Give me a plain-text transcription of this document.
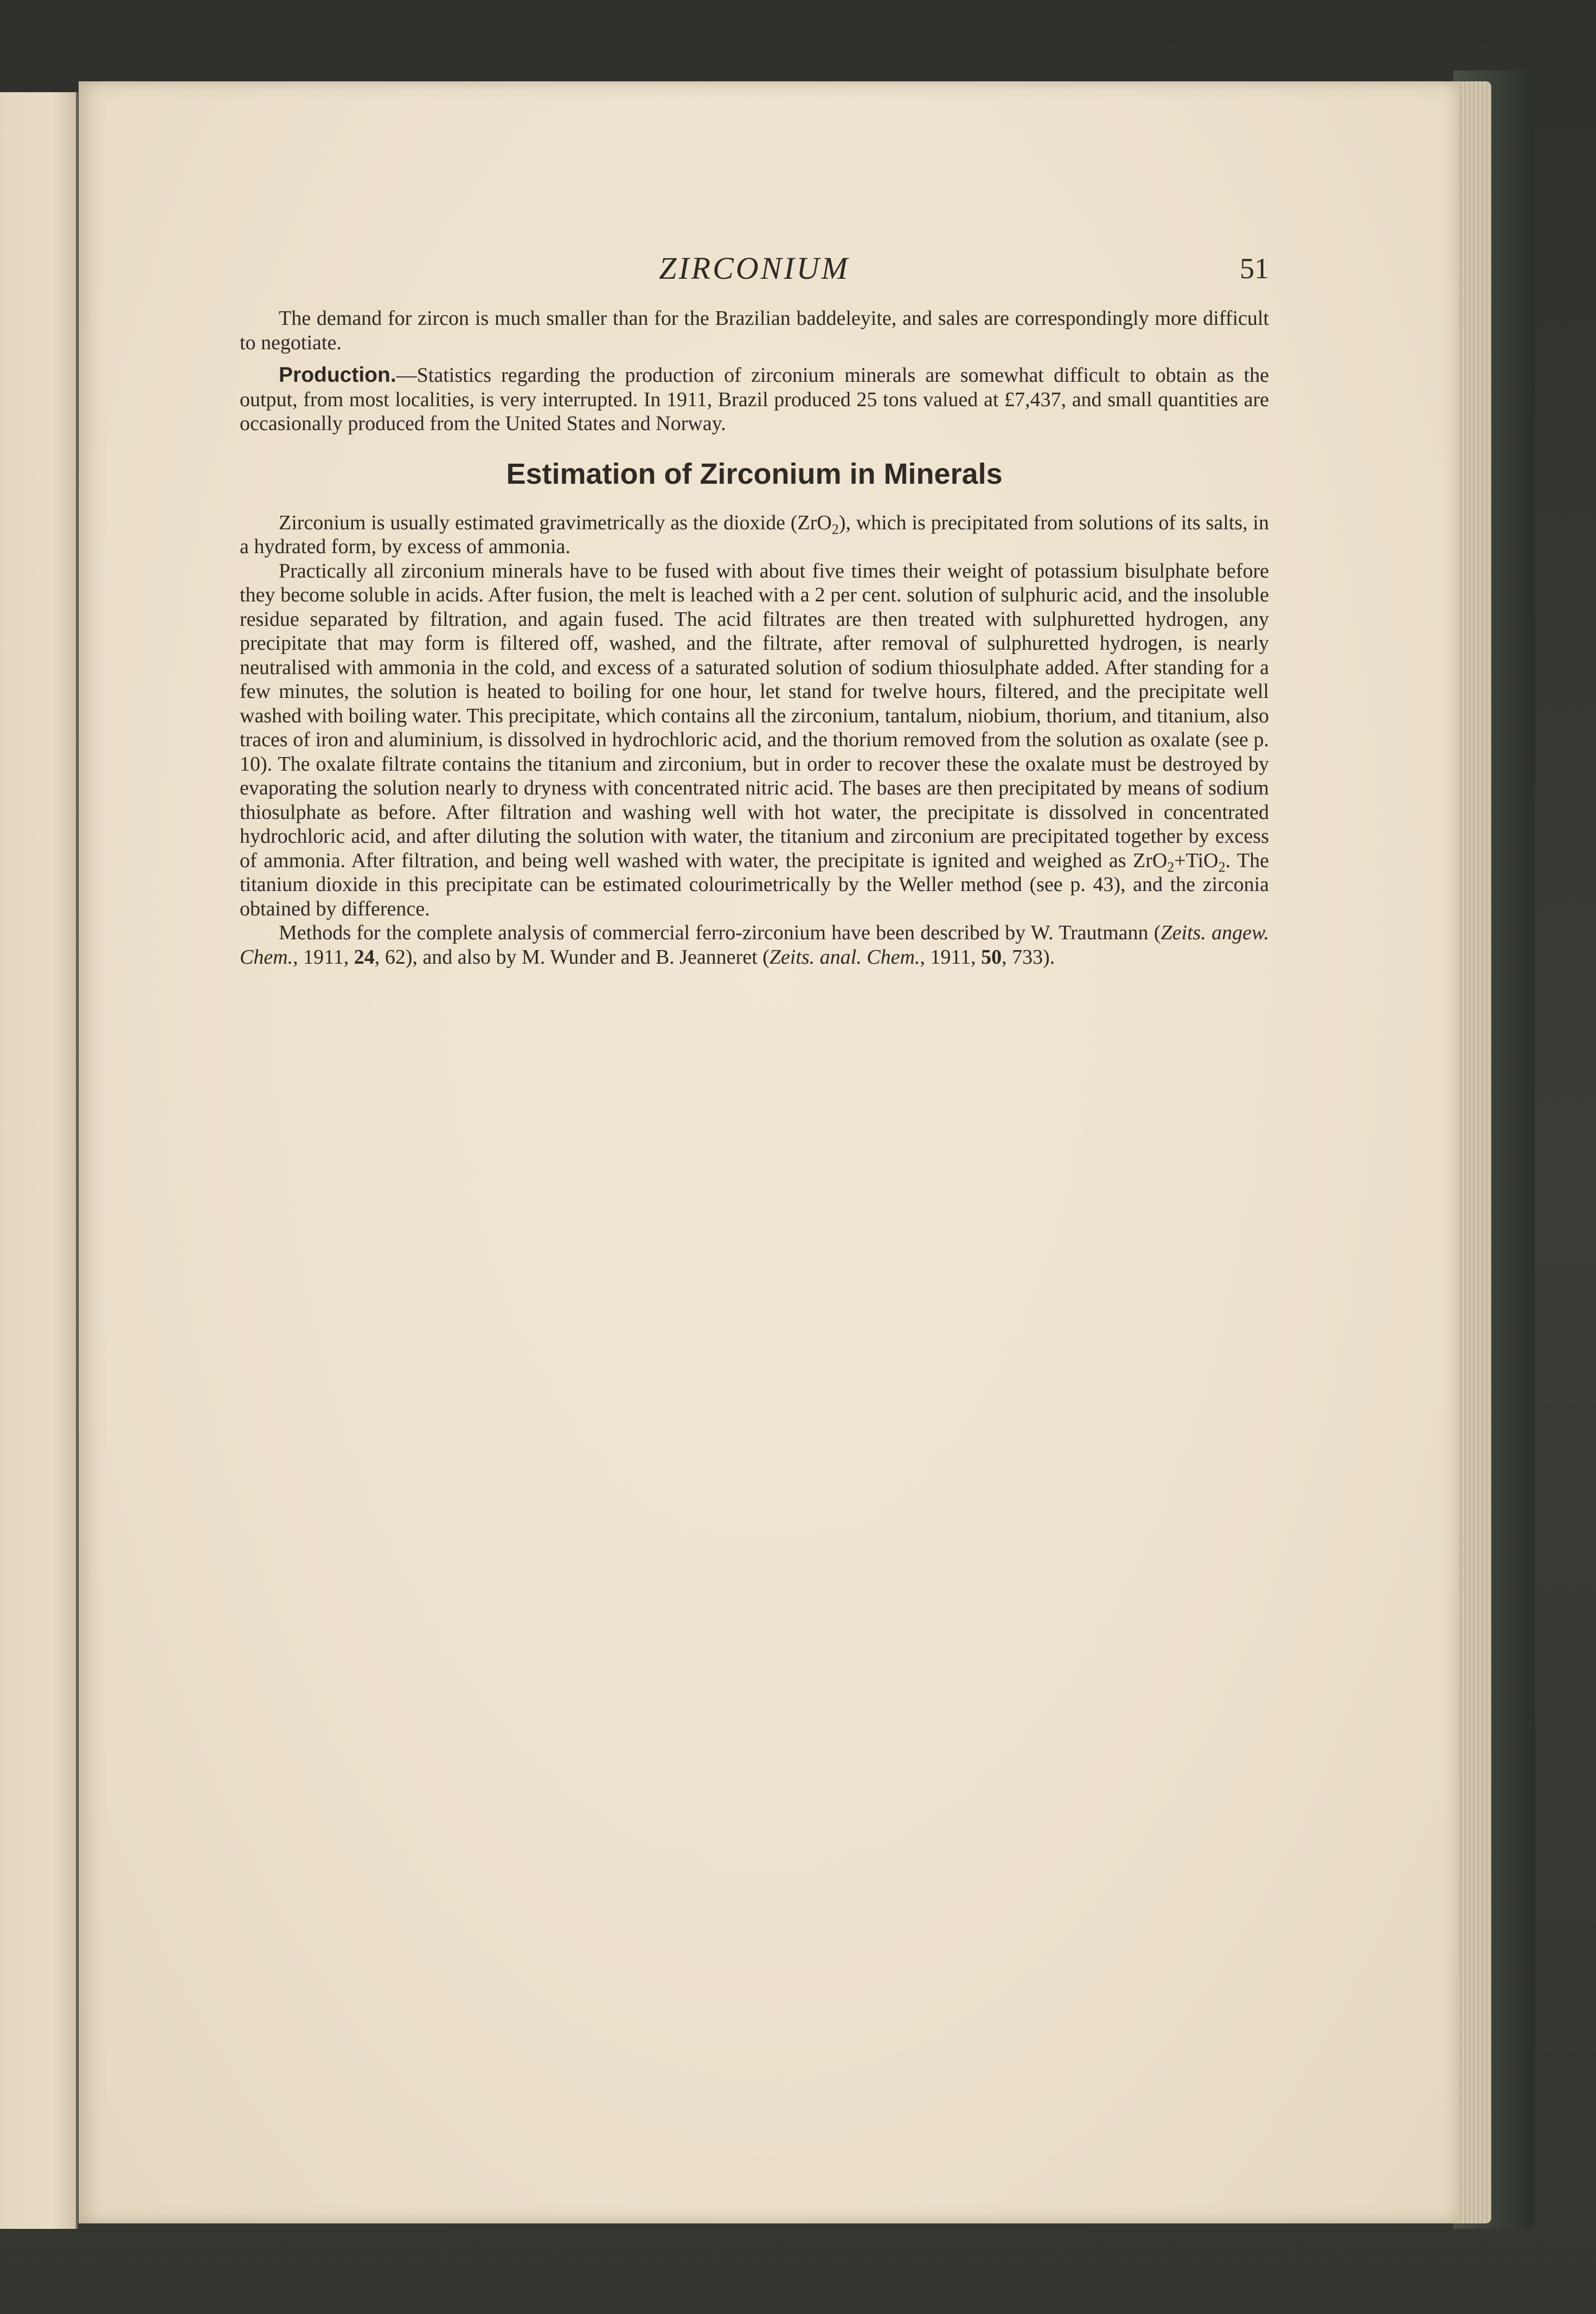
ZIRCONIUM	51

The demand for zircon is much smaller than for the Brazilian baddeleyite, and sales are correspondingly more difficult to negotiate.

Production.—Statistics regarding the production of zirconium minerals are somewhat difficult to obtain as the output, from most localities, is very interrupted. In 1911, Brazil produced 25 tons valued at £7,437, and small quantities are occasionally produced from the United States and Norway.

Estimation of Zirconium in Minerals

Zirconium is usually estimated gravimetrically as the dioxide (ZrO$_2$), which is precipitated from solutions of its salts, in a hydrated form, by excess of ammonia.

Practically all zirconium minerals have to be fused with about five times their weight of potassium bisulphate before they become soluble in acids. After fusion, the melt is leached with a 2 per cent. solution of sulphuric acid, and the insoluble residue separated by filtration, and again fused. The acid filtrates are then treated with sulphuretted hydrogen, any precipitate that may form is filtered off, washed, and the filtrate, after removal of sulphuretted hydrogen, is nearly neutralised with ammonia in the cold, and excess of a saturated solution of sodium thiosulphate added. After standing for a few minutes, the solution is heated to boiling for one hour, let stand for twelve hours, filtered, and the precipitate well washed with boiling water. This precipitate, which contains all the zirconium, tantalum, niobium, thorium, and titanium, also traces of iron and aluminium, is dissolved in hydrochloric acid, and the thorium removed from the solution as oxalate (see p. 10). The oxalate filtrate contains the titanium and zirconium, but in order to recover these the oxalate must be destroyed by evaporating the solution nearly to dryness with concentrated nitric acid. The bases are then precipitated by means of sodium thiosulphate as before. After filtration and washing well with hot water, the precipitate is dissolved in concentrated hydrochloric acid, and after diluting the solution with water, the titanium and zirconium are precipitated together by excess of ammonia. After filtration, and being well washed with water, the precipitate is ignited and weighed as ZrO$_2$+TiO$_2$. The titanium dioxide in this precipitate can be estimated colourimetrically by the Weller method (see p. 43), and the zirconia obtained by difference.

Methods for the complete analysis of commercial ferro-zirconium have been described by W. Trautmann (Zeits. angew. Chem., 1911, 24, 62), and also by M. Wunder and B. Jeanneret (Zeits. anal. Chem., 1911, 50, 733).
